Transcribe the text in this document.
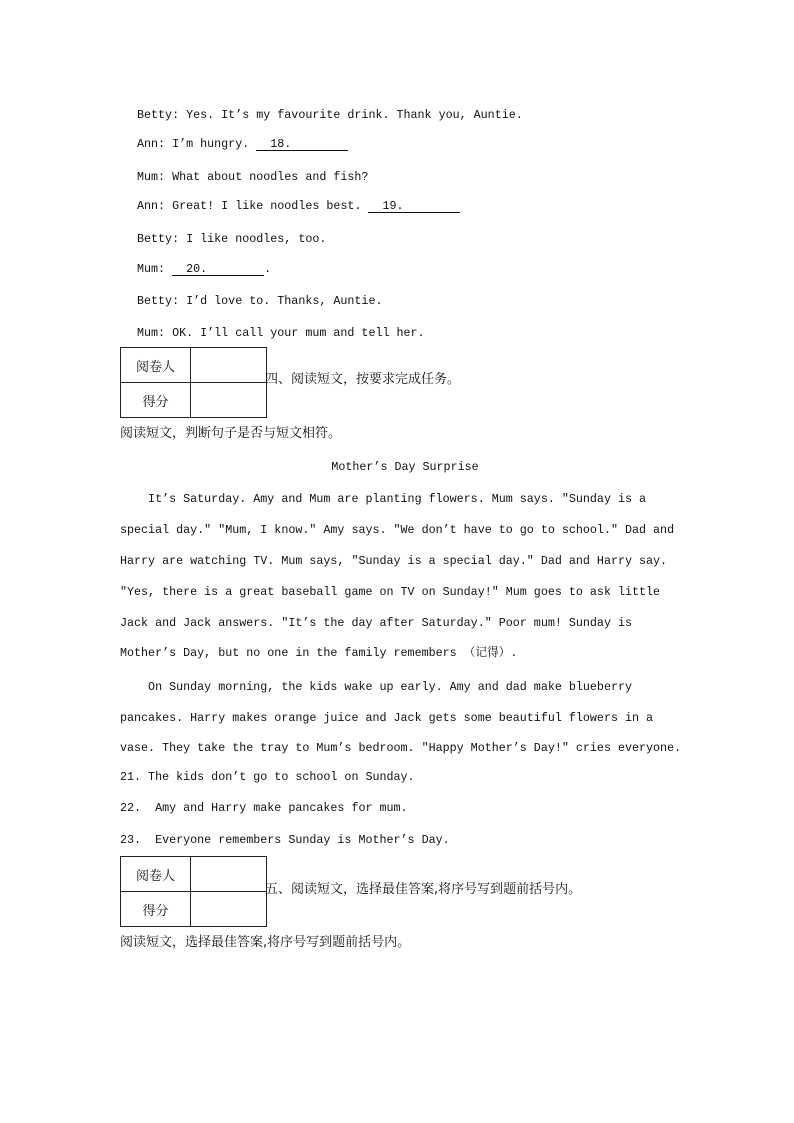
Betty: Yes. It’s my favourite drink. Thank you, Auntie.
Ann: I’m hungry. 18.
Mum: What about noodles and fish?
Ann: Great! I like noodles best. 19.
Betty: I like noodles, too.
Mum: 20.	.
Betty: I’d love to. Thanks, Auntie.
Mum: OK. I’ll call your mum and tell her.
阅卷人	
得分	
四、阅读短文，按要求完成任务。
阅读短文，判断句子是否与短文相符。
Mother’s Day Surprise
It’s Saturday. Amy and Mum are planting flowers. Mum says. ″Sunday is a
special day.″ ″Mum, I know.″ Amy says. ″We don’t have to go to school.″ Dad and
Harry are watching TV. Mum says, ″Sunday is a special day.″ Dad and Harry say.
″Yes, there is a great baseball game on TV on Sunday!″ Mum goes to ask little
Jack and Jack answers. ″It’s the day after Saturday.″ Poor mum! Sunday is
Mother’s Day, but no one in the family remembers （记得）.
On Sunday morning, the kids wake up early. Amy and dad make blueberry
pancakes. Harry makes orange juice and Jack gets some beautiful flowers in a
vase. They take the tray to Mum’s bedroom. ″Happy Mother’s Day!″ cries everyone.
21. The kids don’t go to school on Sunday.
22.  Amy and Harry make pancakes for mum.
23.  Everyone remembers Sunday is Mother’s Day.
阅卷人	
得分	
五、阅读短文，选择最佳答案,将序号写到题前括号内。
阅读短文，选择最佳答案,将序号写到题前括号内。
